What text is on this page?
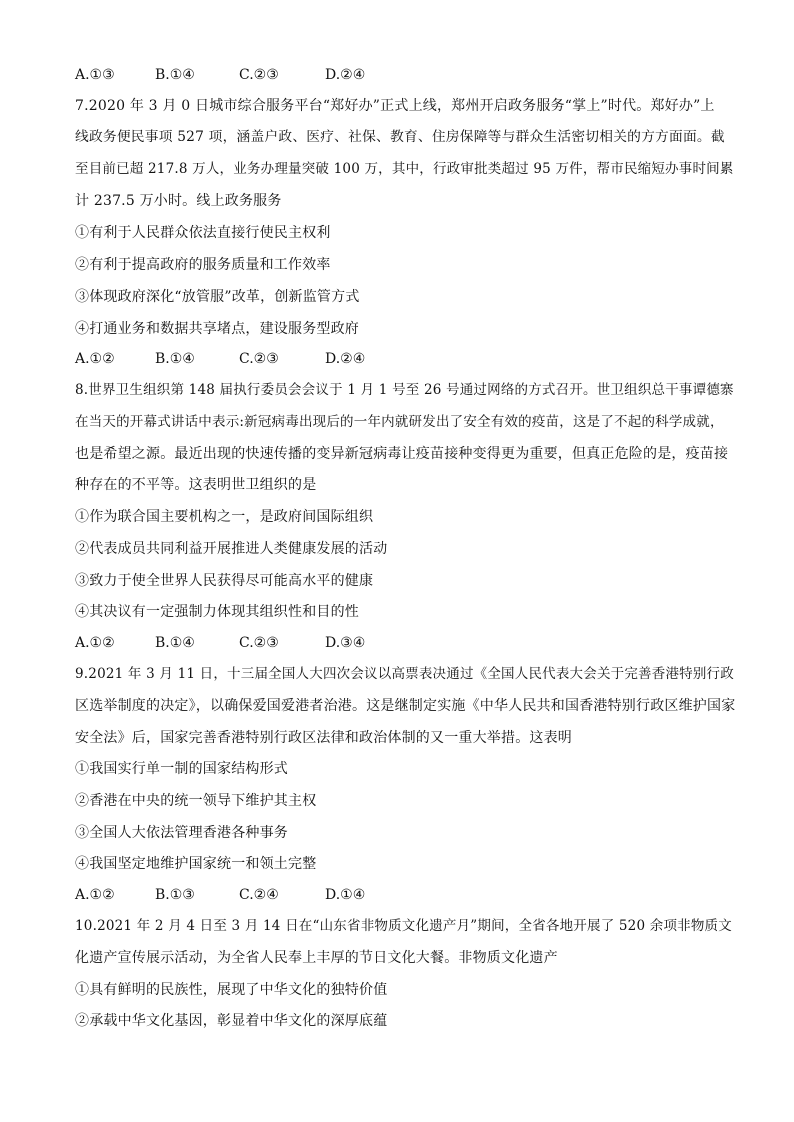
A.①③	B.①④	C.②③	D.②④
7.2020 年 3 月 0 日城市综合服务平台“郑好办”正式上线，郑州开启政务服务“掌上”时代。郑好办”上
线政务便民事项 527 项，涵盖户政、医疗、社保、教育、住房保障等与群众生活密切相关的方方面面。截
至目前已超 217.8 万人，业务办理量突破 100 万，其中，行政审批类超过 95 万件，帮市民缩短办事时间累
计 237.5 万小时。线上政务服务
①有利于人民群众依法直接行使民主权利
②有利于提高政府的服务质量和工作效率
③体现政府深化“放管服”改革，创新监管方式
④打通业务和数据共享堵点，建设服务型政府
A.①②	B.①④	C.②③	D.②④
8.世界卫生组织第 148 届执行委员会会议于 1 月 1 号至 26 号通过网络的方式召开。世卫组织总干事谭德寨
在当天的开幕式讲话中表示:新冠病毒出现后的一年内就研发出了安全有效的疫苗，这是了不起的科学成就，
也是希望之源。最近出现的快速传播的变异新冠病毒让疫苗接种变得更为重要，但真正危险的是，疫苗接
种存在的不平等。这表明世卫组织的是
①作为联合国主要机构之一，是政府间国际组织
②代表成员共同利益开展推进人类健康发展的活动
③致力于使全世界人民获得尽可能高水平的健康
④其决议有一定强制力体现其组织性和目的性
A.①②	B.①④	C.②③	D.③④
9.2021 年 3 月 11 日，十三届全国人大四次会议以高票表决通过《全国人民代表大会关于完善香港特别行政
区选举制度的决定》，以确保爱国爱港者治港。这是继制定实施《中华人民共和国香港特别行政区维护国家
安全法》后，国家完善香港特别行政区法律和政治体制的又一重大举措。这表明
①我国实行单一制的国家结构形式
②香港在中央的统一领导下维护其主权
③全国人大依法管理香港各种事务
④我国坚定地维护国家统一和领土完整
A.①②	B.①③	C.②④	D.①④
10.2021 年 2 月 4 日至 3 月 14 日在“山东省非物质文化遗产月”期间，全省各地开展了 520 余项非物质文
化遗产宣传展示活动，为全省人民奉上丰厚的节日文化大餐。非物质文化遗产
①具有鲜明的民族性，展现了中华文化的独特价值
②承载中华文化基因，彰显着中华文化的深厚底蕴
